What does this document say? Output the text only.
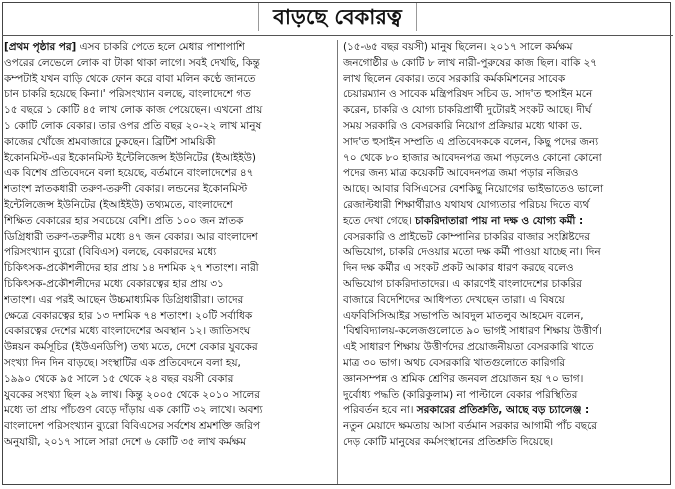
বাড়ছে বেকারত্ব
[প্রথম পৃষ্ঠার পর] এসব চাকরি পেতে হলে মেধার পাশাপাশি
ওপরের লেভেলে লোক বা টাকা থাকা লাগে। সবই দেখছি, কিন্তু
কম্পটাই যখন বাড়ি থেকে ফোন করে বাবা মলিন কণ্ঠে জানতে
চান চাকরি হয়েছে কিনা।' পরিসংখ্যান বলছে, বাংলাদেশে গত
১৫ বছরে ১ কোটি ৪৫ লাখ লোক কাজ পেয়েছেন। এখনো প্রায়
১ কোটি লোক বেকার। তার ওপর প্রতি বছর ২০-২২ লাখ মানুষ
কাজের খোঁজে শ্রমবাজারে ঢুকছেন। ব্রিটিশ সাময়িকী
ইকোনমিস্ট-এর ইকোনমিস্ট ইন্টেলিজেন্স ইউনিটের (ইআইইউ)
এক বিশেষ প্রতিবেদনে বলা হয়েছে, বর্তমানে বাংলাদেশের ৪৭
শতাংশ স্নাতকধারী তরুণ-তরুণী বেকার। লন্ডনের ইকোনমিস্ট
ইন্টেলিজেন্স ইউনিটের (ইআইইউ) তথ্যমতে, বাংলাদেশে
শিক্ষিত বেকারের হার সবচেয়ে বেশি। প্রতি ১০০ জন স্নাতক
ডিগ্রিধারী তরুণ-তরুণীর মধ্যে ৪৭ জন বেকার। আর বাংলাদেশ
পরিসংখ্যান ব্যুরো (বিবিএস) বলছে, বেকারদের মধ্যে
চিকিৎসক-প্রকৌশলীদের হার প্রায় ১৪ দশমিক ২৭ শতাংশ। নারী
চিকিৎসক-প্রকৌশলীদের মধ্যে বেকারত্বের হার প্রায় ৩১
শতাংশ। এর পরই আছেন উচ্চমাধ্যমিক ডিগ্রিধারীরা। তাদের
ক্ষেত্রে বেকারত্বের হার ১৩ দশমিক ৭৪ শতাংশ। ২০টি সর্বাধিক
বেকারত্বের দেশের মধ্যে বাংলাদেশের অবস্থান ১২। জাতিসংঘ
উন্নয়ন কর্মসূচির (ইউএনডিপি) তথ্য মতে, দেশে বেকার যুবকের
সংখ্যা দিন দিন বাড়ছে। সংস্থাটির এক প্রতিবেদনে বলা হয়,
১৯৯০ থেকে ৯৫ সালে ১৫ থেকে ২৪ বছর বয়সী বেকার
যুবকের সংখ্যা ছিল ২৯ লাখ। কিন্তু ২০০৫ থেকে ২০১০ সালের
মধ্যে তা প্রায় পাঁচগুণ বেড়ে দাঁড়ায় এক কোটি ৩২ লাখে। অবশ্য
বাংলাদেশ পরিসংখ্যান ব্যুরো বিবিএসের সর্বশেষ শ্রমশক্তি জরিপ
অনুযায়ী, ২০১৭ সালে সারা দেশে ৬ কোটি ৩৫ লাখ কর্মক্ষম
(১৫-৬৫ বছর বয়সী) মানুষ ছিলেন। ২০১৭ সালে কর্মক্ষম
জনগোষ্ঠীর ৬ কোটি ৮ লাখ নারী-পুরুষের কাজ ছিল। বাকি ২৭
লাখ ছিলেন বেকার। তবে সরকারি কর্মকমিশনের সাবেক
চেয়ারম্যান ও সাবেক মন্ত্রিপরিষদ সচিব ড. সাদ'ত হুসাইন মনে
করেন, চাকরি ও যোগ্য চাকরিপ্রার্থী দুটোরই সংকট আছে। দীর্ঘ
সময় সরকারি ও বেসরকারি নিয়োগ প্রক্রিয়ার মধ্যে থাকা ড.
সাদ'ত হুসাইন সম্প্রতি এ প্রতিবেদককে বলেন, কিছু পদের জন্য
৭০ থেকে ৮০ হাজার আবেদনপত্র জমা পড়লেও কোনো কোনো
পদের জন্য মাত্র কয়েকটি আবেদনপত্র জমা পড়ার নজিরও
আছে। আবার বিসিএসের বেশকিছু নিয়োগের ভাইভাতেও ভালো
রেজাল্টধারী শিক্ষার্থীরাও যথাযথ যোগ্যতার পরিচয় দিতে ব্যর্থ
হতে দেখা গেছে। চাকরিদাতারা পায় না দক্ষ ও যোগ্য কর্মী :
বেসরকারি ও প্রাইভেট কোম্পানির চাকরির বাজার সংশ্লিষ্টদের
অভিযোগ, চাকরি দেওয়ার মতো দক্ষ কর্মী পাওয়া যাচ্ছে না। দিন
দিন দক্ষ কর্মীর এ সংকট প্রকট আকার ধারণ করছে বলেও
অভিযোগ চাকরিদাতাদের। এ কারণেই বাংলাদেশের চাকরির
বাজারে বিদেশিদের আধিপত্য দেখছেন তারা। এ বিষয়ে
এফবিসিসিআইর সভাপতি আবদুল মাতলুব আহমেদ বলেন,
'বিশ্ববিদ্যালয়-কলেজগুলোতে ৯০ ভাগই সাধারণ শিক্ষায় উত্তীর্ণ।
এই সাধারণ শিক্ষায় উত্তীর্ণদের প্রয়োজনীয়তা বেসরকারি খাতে
মাত্র ৩০ ভাগ। অথচ বেসরকারি খাতগুলোতে কারিগরি
জ্ঞানসম্পন্ন ও শ্রমিক শ্রেণির জনবল প্রয়োজন হয় ৭০ ভাগ।
দুর্বোধ্য পদ্ধতি (কারিকুলাম) না পাল্টালে বেকার পরিস্থিতির
পরিবর্তন হবে না। সরকারের প্রতিশ্রুতি, আছে বড় চ্যালেঞ্জ :
নতুন মেয়াদে ক্ষমতায় আসা বর্তমান সরকার আগামী পাঁচ বছরে
দেড় কোটি মানুষের কর্মসংস্থানের প্রতিশ্রুতি দিয়েছে।
